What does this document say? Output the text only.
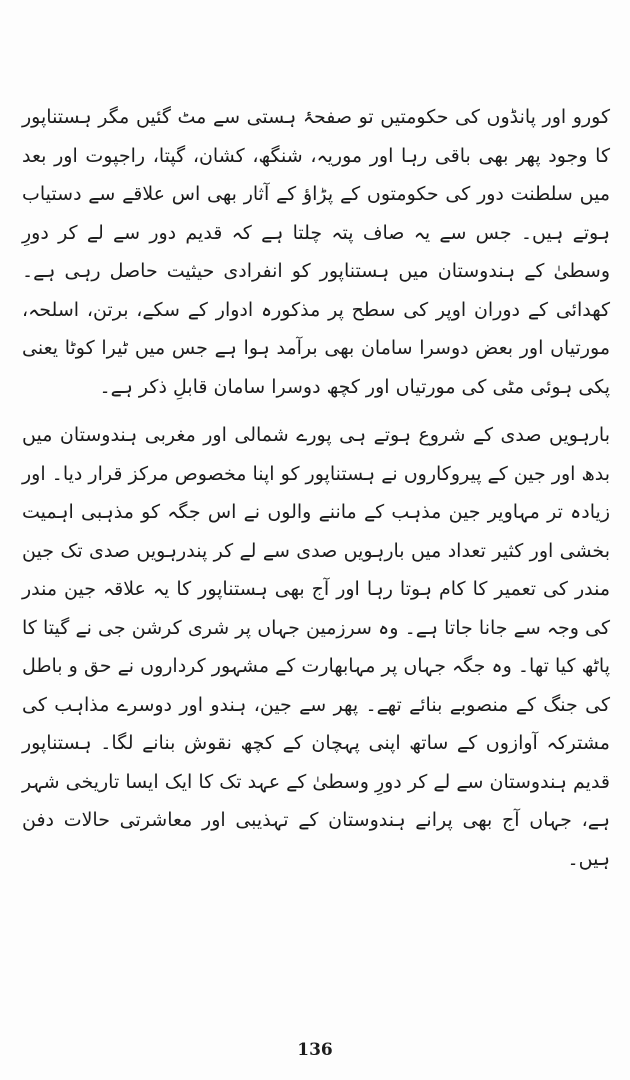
کورو اور پانڈوں کی حکومتیں تو صفحۂ ہستی سے مٹ گئیں مگر ہستناپور کا وجود پھر بھی باقی رہا اور موریہ، شنگھ، کشان، گپتا، راجپوت اور بعد میں سلطنت دور کی حکومتوں کے پڑاؤ کے آثار بھی اس علاقے سے دستیاب ہوتے ہیں۔ جس سے یہ صاف پتہ چلتا ہے کہ قدیم دور سے لے کر دورِ وسطیٰ کے ہندوستان میں ہستناپور کو انفرادی حیثیت حاصل رہی ہے۔ کھدائی کے دوران اوپر کی سطح پر مذکورہ ادوار کے سکے، برتن، اسلحہ، مورتیاں اور بعض دوسرا سامان بھی برآمد ہوا ہے جس میں ٹیرا کوٹا یعنی پکی ہوئی مٹی کی مورتیاں اور کچھ دوسرا سامان قابلِ ذکر ہے۔

بارہویں صدی کے شروع ہوتے ہی پورے شمالی اور مغربی ہندوستان میں بدھ اور جین کے پیروکاروں نے ہستناپور کو اپنا مخصوص مرکز قرار دیا۔ اور زیادہ تر مہاویر جین مذہب کے ماننے والوں نے اس جگہ کو مذہبی اہمیت بخشی اور کثیر تعداد میں بارہویں صدی سے لے کر پندرہویں صدی تک جین مندر کی تعمیر کا کام ہوتا رہا اور آج بھی ہستناپور کا یہ علاقہ جین مندر کی وجہ سے جانا جاتا ہے۔ وہ سرزمین جہاں پر شری کرشن جی نے گیتا کا پاٹھ کیا تھا۔ وہ جگہ جہاں پر مہابھارت کے مشہور کرداروں نے حق و باطل کی جنگ کے منصوبے بنائے تھے۔ پھر سے جین، ہندو اور دوسرے مذاہب کی مشترکہ آوازوں کے ساتھ اپنی پہچان کے کچھ نقوش بنانے لگا۔ ہستناپور قدیم ہندوستان سے لے کر دورِ وسطیٰ کے عہد تک کا ایک ایسا تاریخی شہر ہے، جہاں آج بھی پرانے ہندوستان کے تہذیبی اور معاشرتی حالات دفن ہیں۔

136
